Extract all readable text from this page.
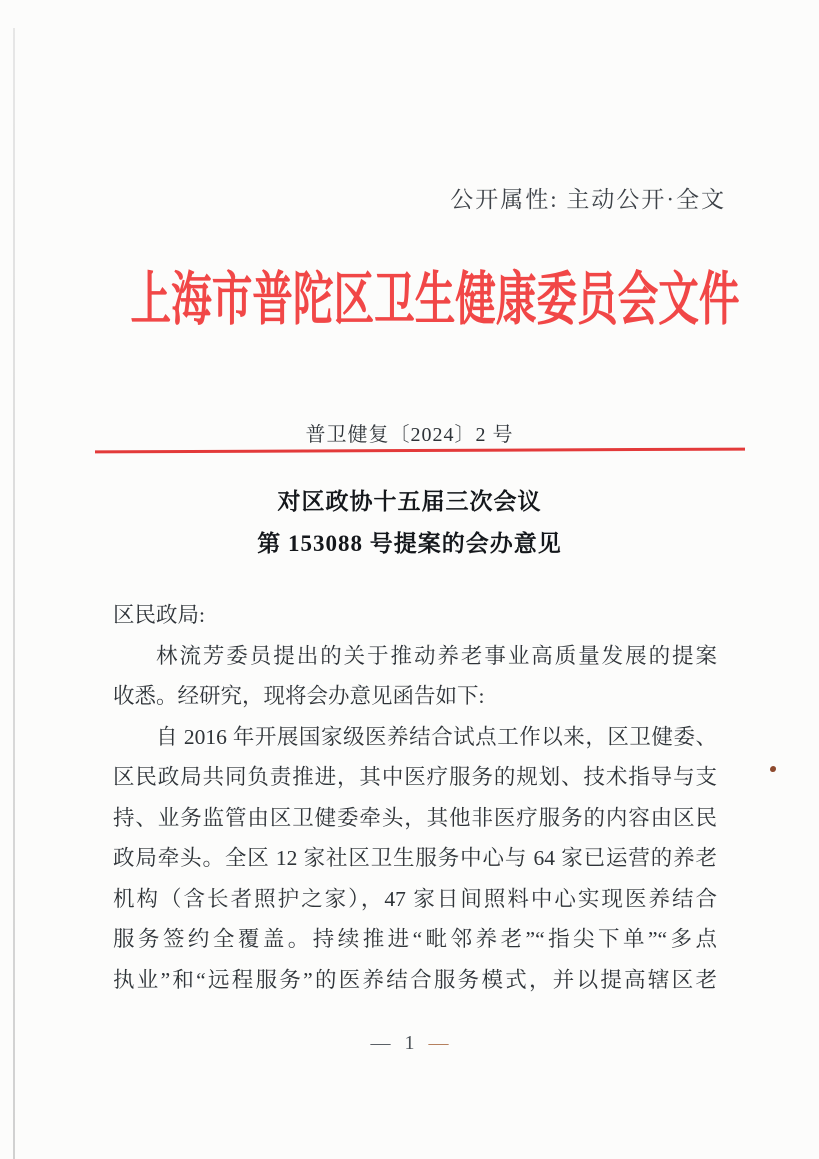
公开属性: 主动公开·全文
上海市普陀区卫生健康委员会文件
普卫健复〔2024〕2 号
对区政协十五届三次会议
第 153088 号提案的会办意见
区民政局:
林流芳委员提出的关于推动养老事业高质量发展的提案
收悉。经研究，现将会办意见函告如下:
自 2016 年开展国家级医养结合试点工作以来，区卫健委、
区民政局共同负责推进，其中医疗服务的规划、技术指导与支
持、业务监管由区卫健委牵头，其他非医疗服务的内容由区民
政局牵头。全区 12 家社区卫生服务中心与 64 家已运营的养老
机构（含长者照护之家），47 家日间照料中心实现医养结合
服务签约全覆盖。持续推进“毗邻养老”“指尖下单”“多点
执业”和“远程服务”的医养结合服务模式，并以提高辖区老
— 1 —
